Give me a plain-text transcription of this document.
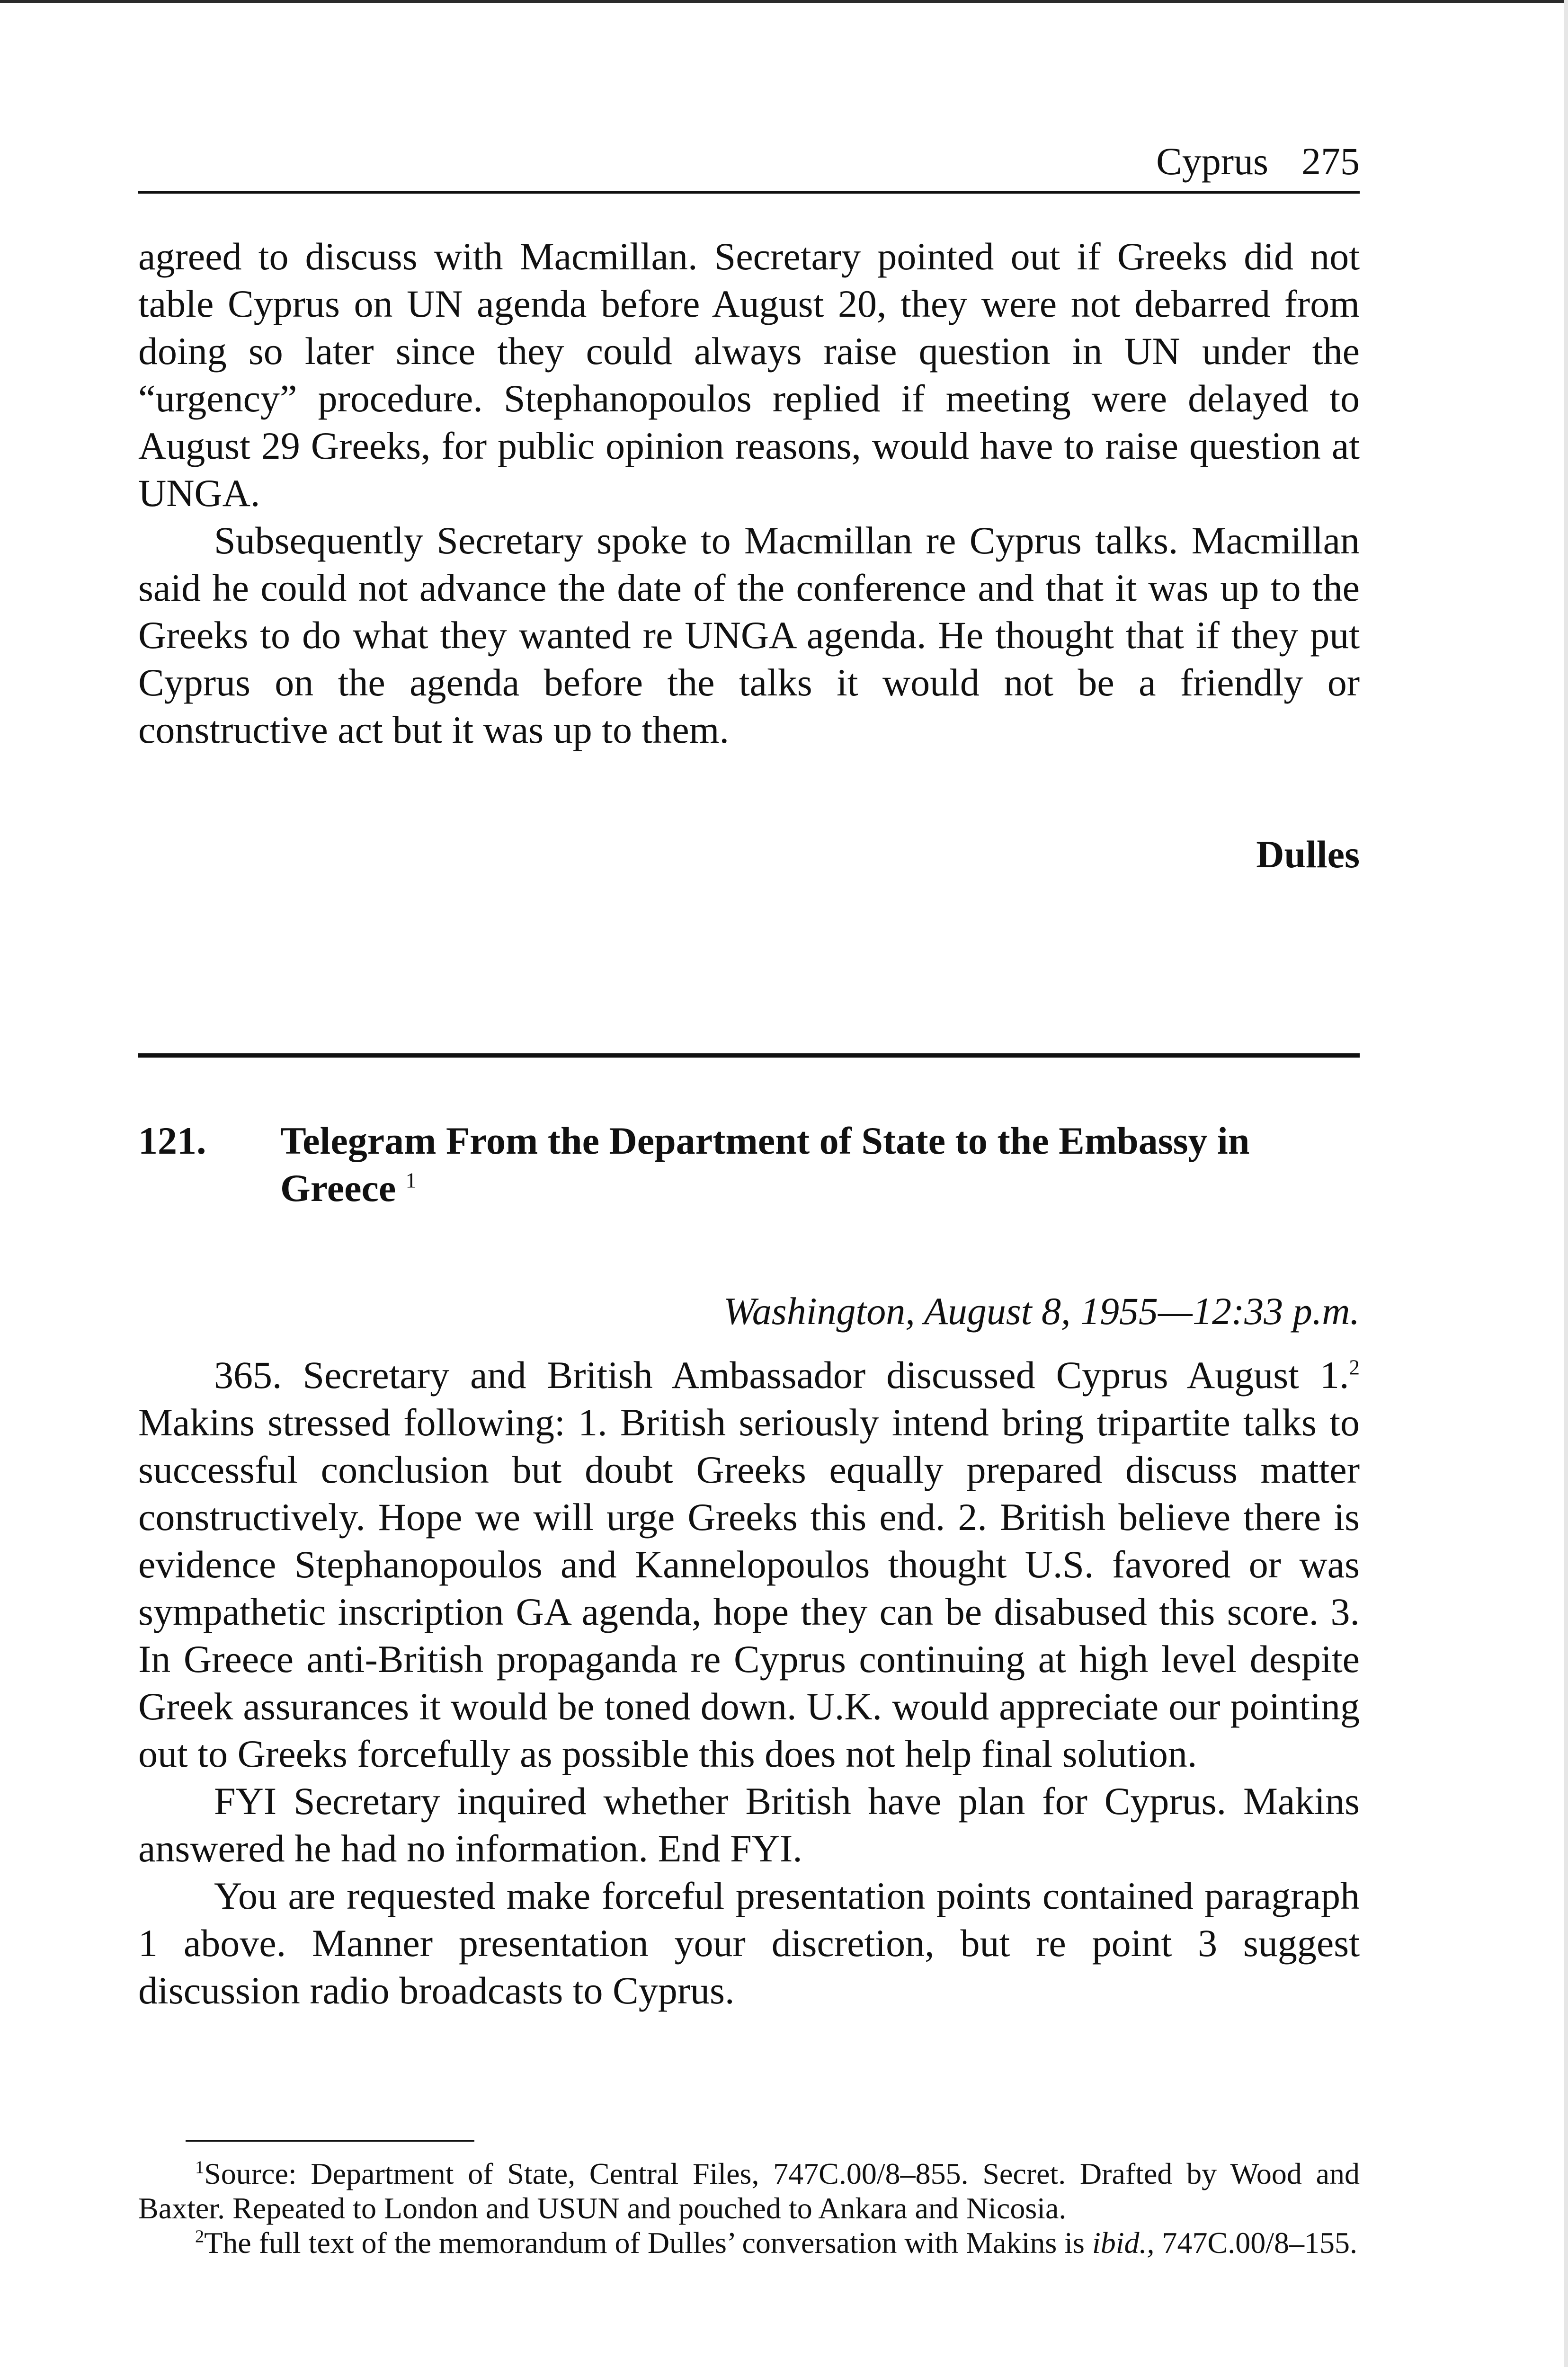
Cyprus 275

agreed to discuss with Macmillan. Secretary pointed out if Greeks did not table Cyprus on UN agenda before August 20, they were not debarred from doing so later since they could always raise question in UN under the “urgency” procedure. Stephanopoulos replied if meeting were delayed to August 29 Greeks, for public opinion reasons, would have to raise question at UNGA.

Subsequently Secretary spoke to Macmillan re Cyprus talks. Macmillan said he could not advance the date of the conference and that it was up to the Greeks to do what they wanted re UNGA agenda. He thought that if they put Cyprus on the agenda before the talks it would not be a friendly or constructive act but it was up to them.

Dulles
121. Telegram From the Department of State to the Embassy in Greece $^1$
Washington, August 8, 1955—12:33 p.m.

365. Secretary and British Ambassador discussed Cyprus August 1.$^2$ Makins stressed following: 1. British seriously intend bring tripartite talks to successful conclusion but doubt Greeks equally prepared discuss matter constructively. Hope we will urge Greeks this end. 2. British believe there is evidence Stephanopoulos and Kannelopoulos thought U.S. favored or was sympathetic inscription GA agenda, hope they can be disabused this score. 3. In Greece anti-British propaganda re Cyprus continuing at high level despite Greek assurances it would be toned down. U.K. would appreciate our pointing out to Greeks forcefully as possible this does not help final solution.

FYI Secretary inquired whether British have plan for Cyprus. Makins answered he had no information. End FYI.

You are requested make forceful presentation points contained paragraph 1 above. Manner presentation your discretion, but re point 3 suggest discussion radio broadcasts to Cyprus.

$^1$Source: Department of State, Central Files, 747C.00/8–855. Secret. Drafted by Wood and Baxter. Repeated to London and USUN and pouched to Ankara and Nicosia.

$^2$The full text of the memorandum of Dulles’ conversation with Makins is ibid., 747C.00/8–155.
